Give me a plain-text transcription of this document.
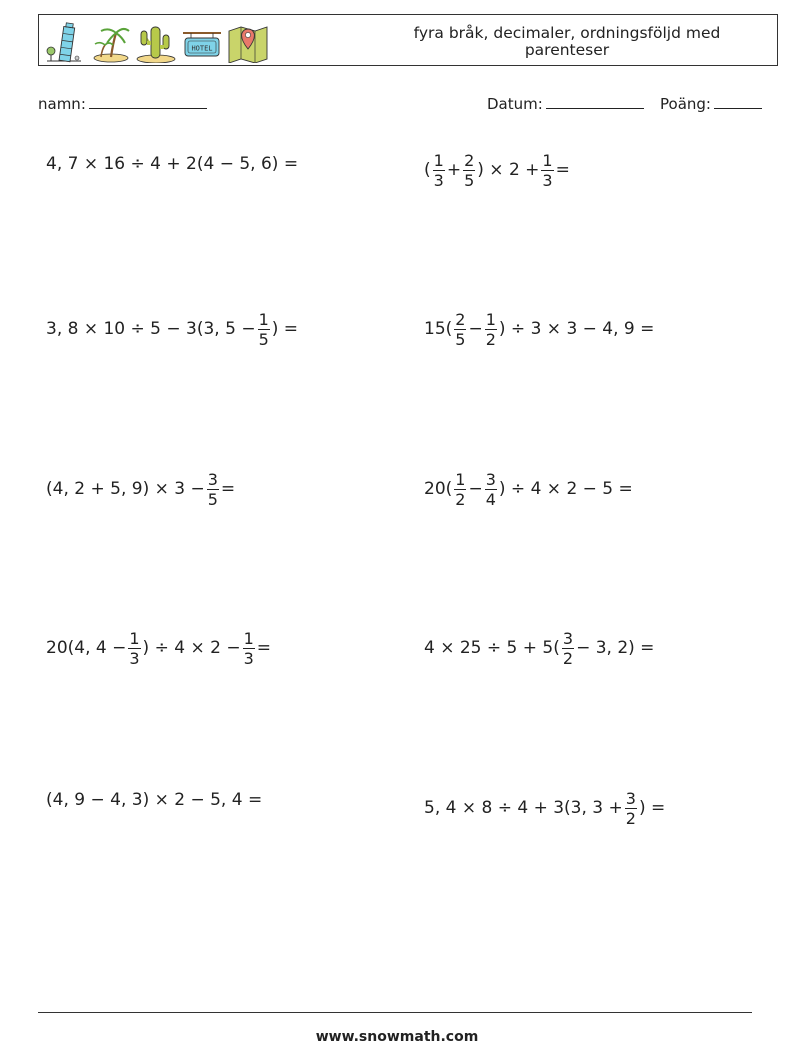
HOTEL
fyra bråk, decimaler, ordningsföljd med parenteser
namn:	Datum:	Poäng:
4, 7 × 16 ÷ 4 + 2(4 − 5, 6) =	( $\frac{1}{3} + \frac{2}{5}$ ) × $2 + \frac{1}{3}$ =
3, 8 × 10 ÷ 5 − 3(3, $5 - \frac{1}{5}$ ) =	$15( \frac{2}{5} - \frac{1}{2}$ ) ÷ 3 × 3 − 4, 9 =
(4, 2 + 5, $9) \times 3 - \frac{3}{5}$ =	$20( \frac{1}{2} - \frac{3}{4}$ ) ÷ 4 × 2 − 5 =
20(4, $4 - \frac{1}{3}$ ) ÷ $4 \times 2 - \frac{1}{3}$ =	$4 \times 25 \div 5 + 5( \frac{3}{2} - 3$, 2) =
(4, 9 − 4, 3) × 2 − 5, 4 =	5, 4 × 8 ÷ 4 + 3(3, $3 + \frac{3}{2}$ ) =
www.snowmath.com
